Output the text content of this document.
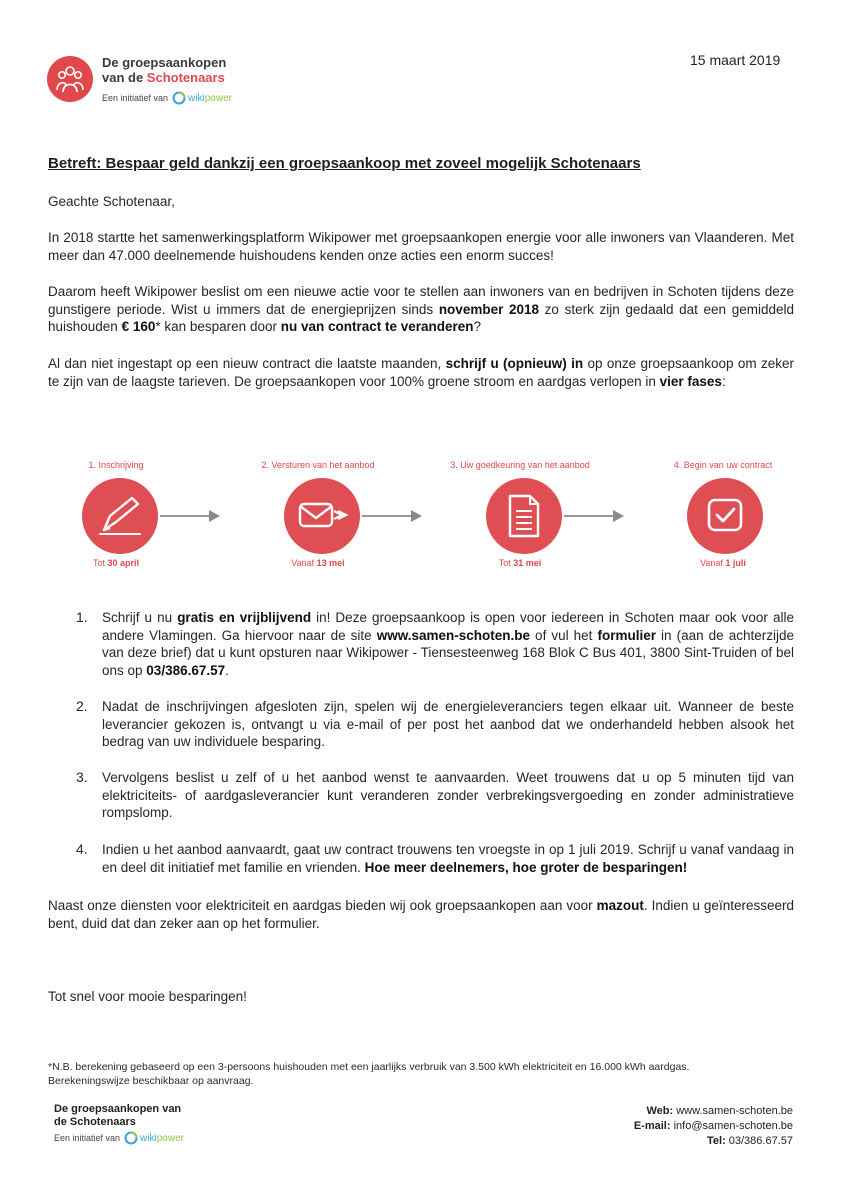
De groepsaankopen
van de Schotenaars
Een initiatief van wikipower
15 maart 2019
Betreft: Bespaar geld dankzij een groepsaankoop met zoveel mogelijk Schotenaars
Geachte Schotenaar,
In 2018 startte het samenwerkingsplatform Wikipower met groepsaankopen energie voor alle inwoners van Vlaanderen. Met meer dan 47.000 deelnemende huishoudens kenden onze acties een enorm succes!
Daarom heeft Wikipower beslist om een nieuwe actie voor te stellen aan inwoners van en bedrijven in Schoten tijdens deze gunstigere periode. Wist u immers dat de energieprijzen sinds november 2018 zo sterk zijn gedaald dat een gemiddeld huishouden € 160* kan besparen door nu van contract te veranderen?
Al dan niet ingestapt op een nieuw contract die laatste maanden, schrijf u (opnieuw) in op onze groepsaankoop om zeker te zijn van de laagste tarieven. De groepsaankopen voor 100% groene stroom en aardgas verlopen in vier fases:
1. Inschrijving
Tot 30 april
2. Versturen van het aanbod
Vanaf 13 mei
3. Uw goedkeuring van het aanbod
Tot 31 mei
4. Begin van uw contract
Vanaf 1 juli
1. Schrijf u nu gratis en vrijblijvend in! Deze groepsaankoop is open voor iedereen in Schoten maar ook voor alle andere Vlamingen. Ga hiervoor naar de site www.samen-schoten.be of vul het formulier in (aan de achterzijde van deze brief) dat u kunt opsturen naar Wikipower - Tiensesteenweg 168 Blok C Bus 401, 3800 Sint-Truiden of bel ons op 03/386.67.57.
2. Nadat de inschrijvingen afgesloten zijn, spelen wij de energieleveranciers tegen elkaar uit. Wanneer de beste leverancier gekozen is, ontvangt u via e-mail of per post het aanbod dat we onderhandeld hebben alsook het bedrag van uw individuele besparing.
3. Vervolgens beslist u zelf of u het aanbod wenst te aanvaarden. Weet trouwens dat u op 5 minuten tijd van elektriciteits- of aardgasleverancier kunt veranderen zonder verbrekingsvergoeding en zonder administratieve rompslomp.
4. Indien u het aanbod aanvaardt, gaat uw contract trouwens ten vroegste in op 1 juli 2019. Schrijf u vanaf vandaag in en deel dit initiatief met familie en vrienden. Hoe meer deelnemers, hoe groter de besparingen!
Naast onze diensten voor elektriciteit en aardgas bieden wij ook groepsaankopen aan voor mazout. Indien u geïnteresseerd bent, duid dat dan zeker aan op het formulier.
Tot snel voor mooie besparingen!
*N.B. berekening gebaseerd op een 3-persoons huishouden met een jaarlijks verbruik van 3.500 kWh elektriciteit en 16.000 kWh aardgas.
Berekeningswijze beschikbaar op aanvraag.
De groepsaankopen van
de Schotenaars
Een initiatief van wikipower
Web: www.samen-schoten.be
E-mail: info@samen-schoten.be
Tel: 03/386.67.57
